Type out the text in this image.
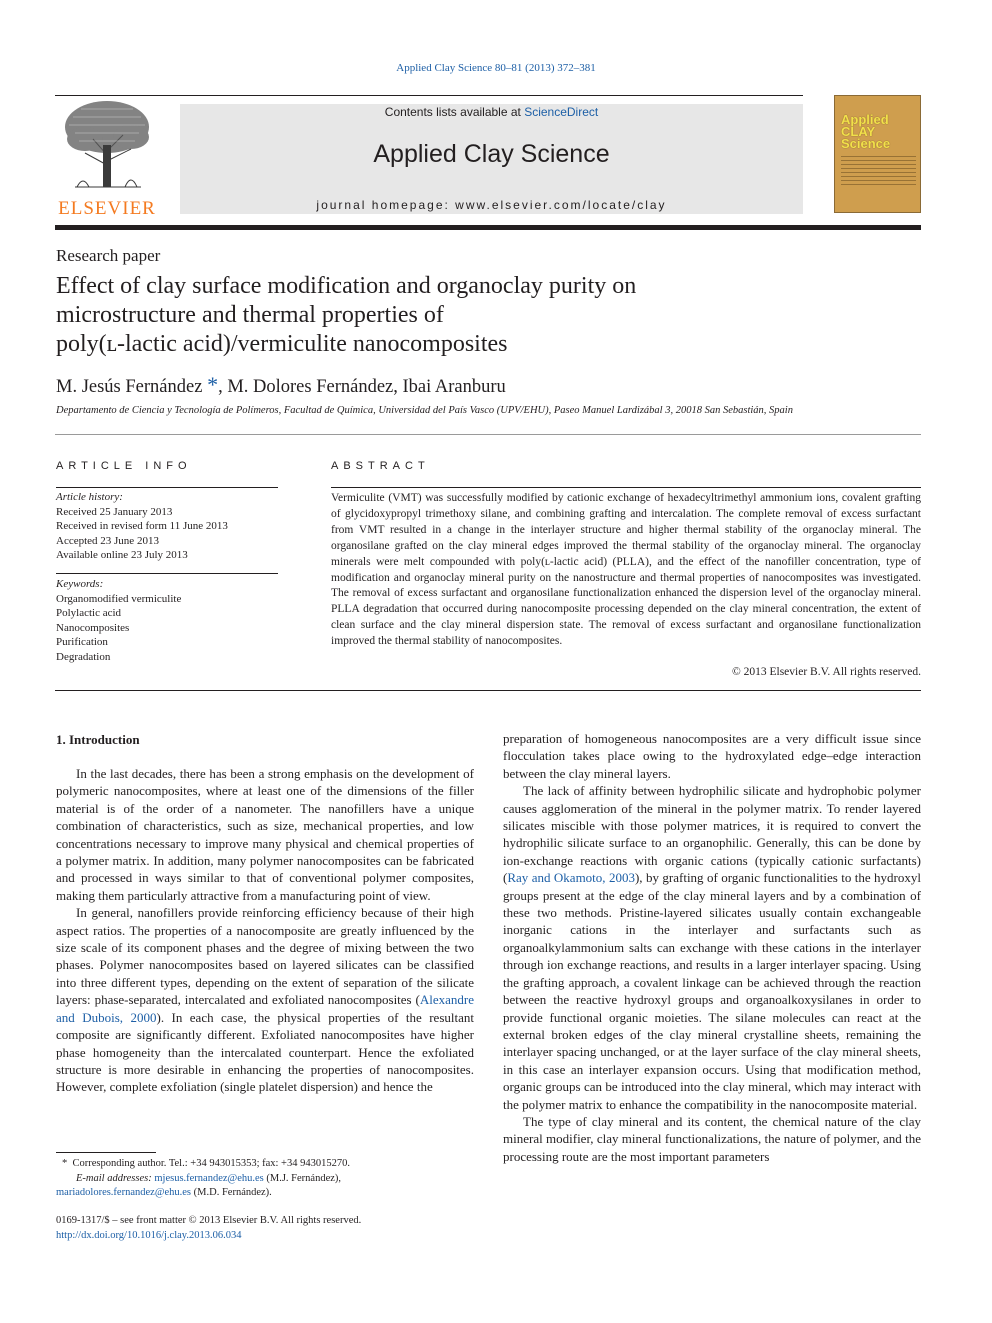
Applied Clay Science 80–81 (2013) 372–381
ELSEVIER
Contents lists available at ScienceDirect
Applied Clay Science
journal homepage: www.elsevier.com/locate/clay
Applied CLAY Science
Research paper
Effect of clay surface modification and organoclay purity on
microstructure and thermal properties of
poly(ʟ-lactic acid)/vermiculite nanocomposites
M. Jesús Fernández *, M. Dolores Fernández, Ibai Aranburu
Departamento de Ciencia y Tecnología de Polímeros, Facultad de Química, Universidad del País Vasco (UPV/EHU), Paseo Manuel Lardizábal 3, 20018 San Sebastián, Spain
ARTICLE INFO	ABSTRACT
Article history:
Received 25 January 2013
Received in revised form 11 June 2013
Accepted 23 June 2013
Available online 23 July 2013
Keywords:
Organomodified vermiculite
Polylactic acid
Nanocomposites
Purification
Degradation
Vermiculite (VMT) was successfully modified by cationic exchange of hexadecyltrimethyl ammonium ions, covalent grafting of glycidoxypropyl trimethoxy silane, and combining grafting and intercalation. The complete removal of excess surfactant from VMT resulted in a change in the interlayer structure and higher thermal stability of the organoclay mineral. The organosilane grafted on the clay mineral edges improved the thermal stability of the organoclay mineral. The organoclay minerals were melt compounded with poly(ʟ-lactic acid) (PLLA), and the effect of the nanofiller concentration, type of modification and organoclay mineral purity on the nanostructure and thermal properties of nanocomposites was investigated. The removal of excess surfactant and organosilane functionalization enhanced the dispersion level of the organoclay mineral. PLLA degradation that occurred during nanocomposite processing depended on the clay mineral concentration, the extent of clean surface and the clay mineral dispersion state. The removal of excess surfactant and organosilane functionalization improved the thermal stability of nanocomposites.
© 2013 Elsevier B.V. All rights reserved.
1. Introduction

In the last decades, there has been a strong emphasis on the development of polymeric nanocomposites, where at least one of the dimensions of the filler material is of the order of a nanometer. The nanofillers have a unique combination of characteristics, such as size, mechanical properties, and low concentrations necessary to improve many physical and chemical properties of a polymer matrix. In addition, many polymer nanocomposites can be fabricated and processed in ways similar to that of conventional polymer composites, making them particularly attractive from a manufacturing point of view.

In general, nanofillers provide reinforcing efficiency because of their high aspect ratios. The properties of a nanocomposite are greatly influenced by the size scale of its component phases and the degree of mixing between the two phases. Polymer nanocomposites based on layered silicates can be classified into three different types, depending on the extent of separation of the silicate layers: phase-separated, intercalated and exfoliated nanocomposites (Alexandre and Dubois, 2000). In each case, the physical properties of the resultant composite are significantly different. Exfoliated nanocomposites have higher phase homogeneity than the intercalated counterpart. Hence the exfoliated structure is more desirable in enhancing the properties of nanocomposites. However, complete exfoliation (single platelet dispersion) and hence the

preparation of homogeneous nanocomposites are a very difficult issue since flocculation takes place owing to the hydroxylated edge–edge interaction between the clay mineral layers.

The lack of affinity between hydrophilic silicate and hydrophobic polymer causes agglomeration of the mineral in the polymer matrix. To render layered silicates miscible with those polymer matrices, it is required to convert the hydrophilic silicate surface to an organophilic. Generally, this can be done by ion-exchange reactions with organic cations (typically cationic surfactants) (Ray and Okamoto, 2003), by grafting of organic functionalities to the hydroxyl groups present at the edge of the clay mineral layers and by a combination of these two methods. Pristine-layered silicates usually contain exchangeable inorganic cations in the interlayer and surfactants such as organoalkylammonium salts can exchange with these cations in the interlayer through ion exchange reactions, and results in a larger interlayer spacing. Using the grafting approach, a covalent linkage can be achieved through the reaction between the reactive hydroxyl groups and organoalkoxysilanes in order to provide functional organic moieties. The silane molecules can react at the external broken edges of the clay mineral crystalline sheets, remaining the interlayer spacing unchanged, or at the layer surface of the clay mineral sheets, in this case an interlayer expansion occurs. Using that modification method, organic groups can be introduced into the clay mineral, which may interact with the polymer matrix to enhance the compatibility in the nanocomposite material.

The type of clay mineral and its content, the chemical nature of the clay mineral modifier, clay mineral functionalizations, the nature of polymer, and the processing route are the most important parameters

* Corresponding author. Tel.: +34 943015353; fax: +34 943015270.
E-mail addresses: mjesus.fernandez@ehu.es (M.J. Fernández),
mariadolores.fernandez@ehu.es (M.D. Fernández).
0169-1317/$ – see front matter © 2013 Elsevier B.V. All rights reserved.
http://dx.doi.org/10.1016/j.clay.2013.06.034
